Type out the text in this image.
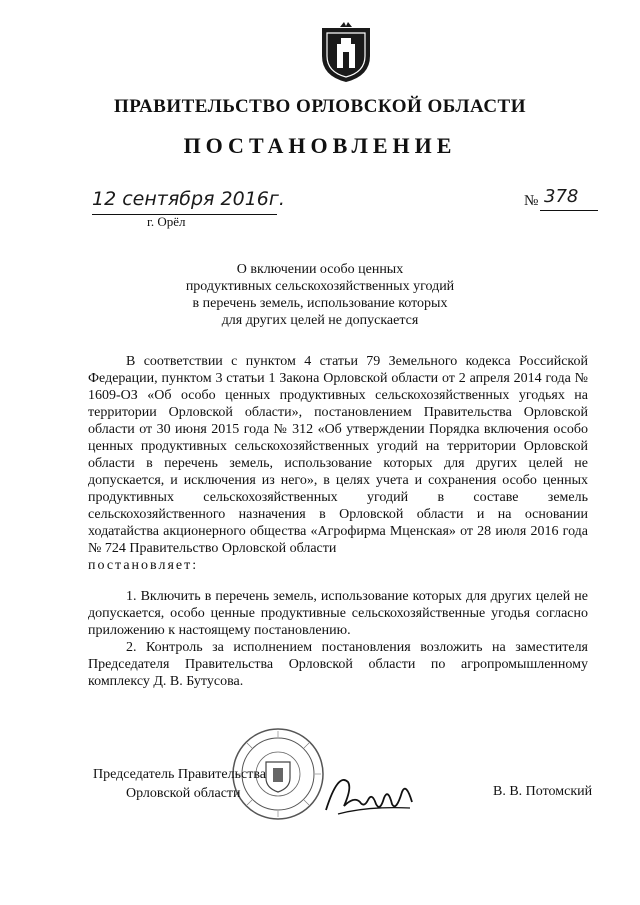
ПРАВИТЕЛЬСТВО ОРЛОВСКОЙ ОБЛАСТИ
ПОСТАНОВЛЕНИЕ
12 сентября 2016г.
г. Орёл
№ 378
О включении особо ценных
продуктивных сельскохозяйственных угодий
в перечень земель, использование которых
для других целей не допускается

В соответствии с пунктом 4 статьи 79 Земельного кодекса Российской Федерации, пунктом 3 статьи 1 Закона Орловской области от 2 апреля 2014 года № 1609-ОЗ «Об особо ценных продуктивных сельскохозяйственных угодьях на территории Орловской области», постановлением Правительства Орловской области от 30 июня 2015 года № 312 «Об утверждении Порядка включения особо ценных продуктивных сельскохозяйственных угодий на территории Орловской области в перечень земель, использование которых для других целей не допускается, и исключения из него», в целях учета и сохранения особо ценных продуктивных сельскохозяйственных угодий в составе земель сельскохозяйственного назначения в Орловской области и на основании ходатайства акционерного общества «Агрофирма Мценская» от 28 июля 2016 года № 724 Правительство Орловской области

постановляет:

1. Включить в перечень земель, использование которых для других целей не допускается, особо ценные продуктивные сельскохозяйственные угодья согласно приложению к настоящему постановлению.

2. Контроль за исполнением постановления возложить на заместителя Председателя Правительства Орловской области по агропромышленному комплексу Д. В. Бутусова.

Председатель Правительства
Орловской области	В. В. Потомский
